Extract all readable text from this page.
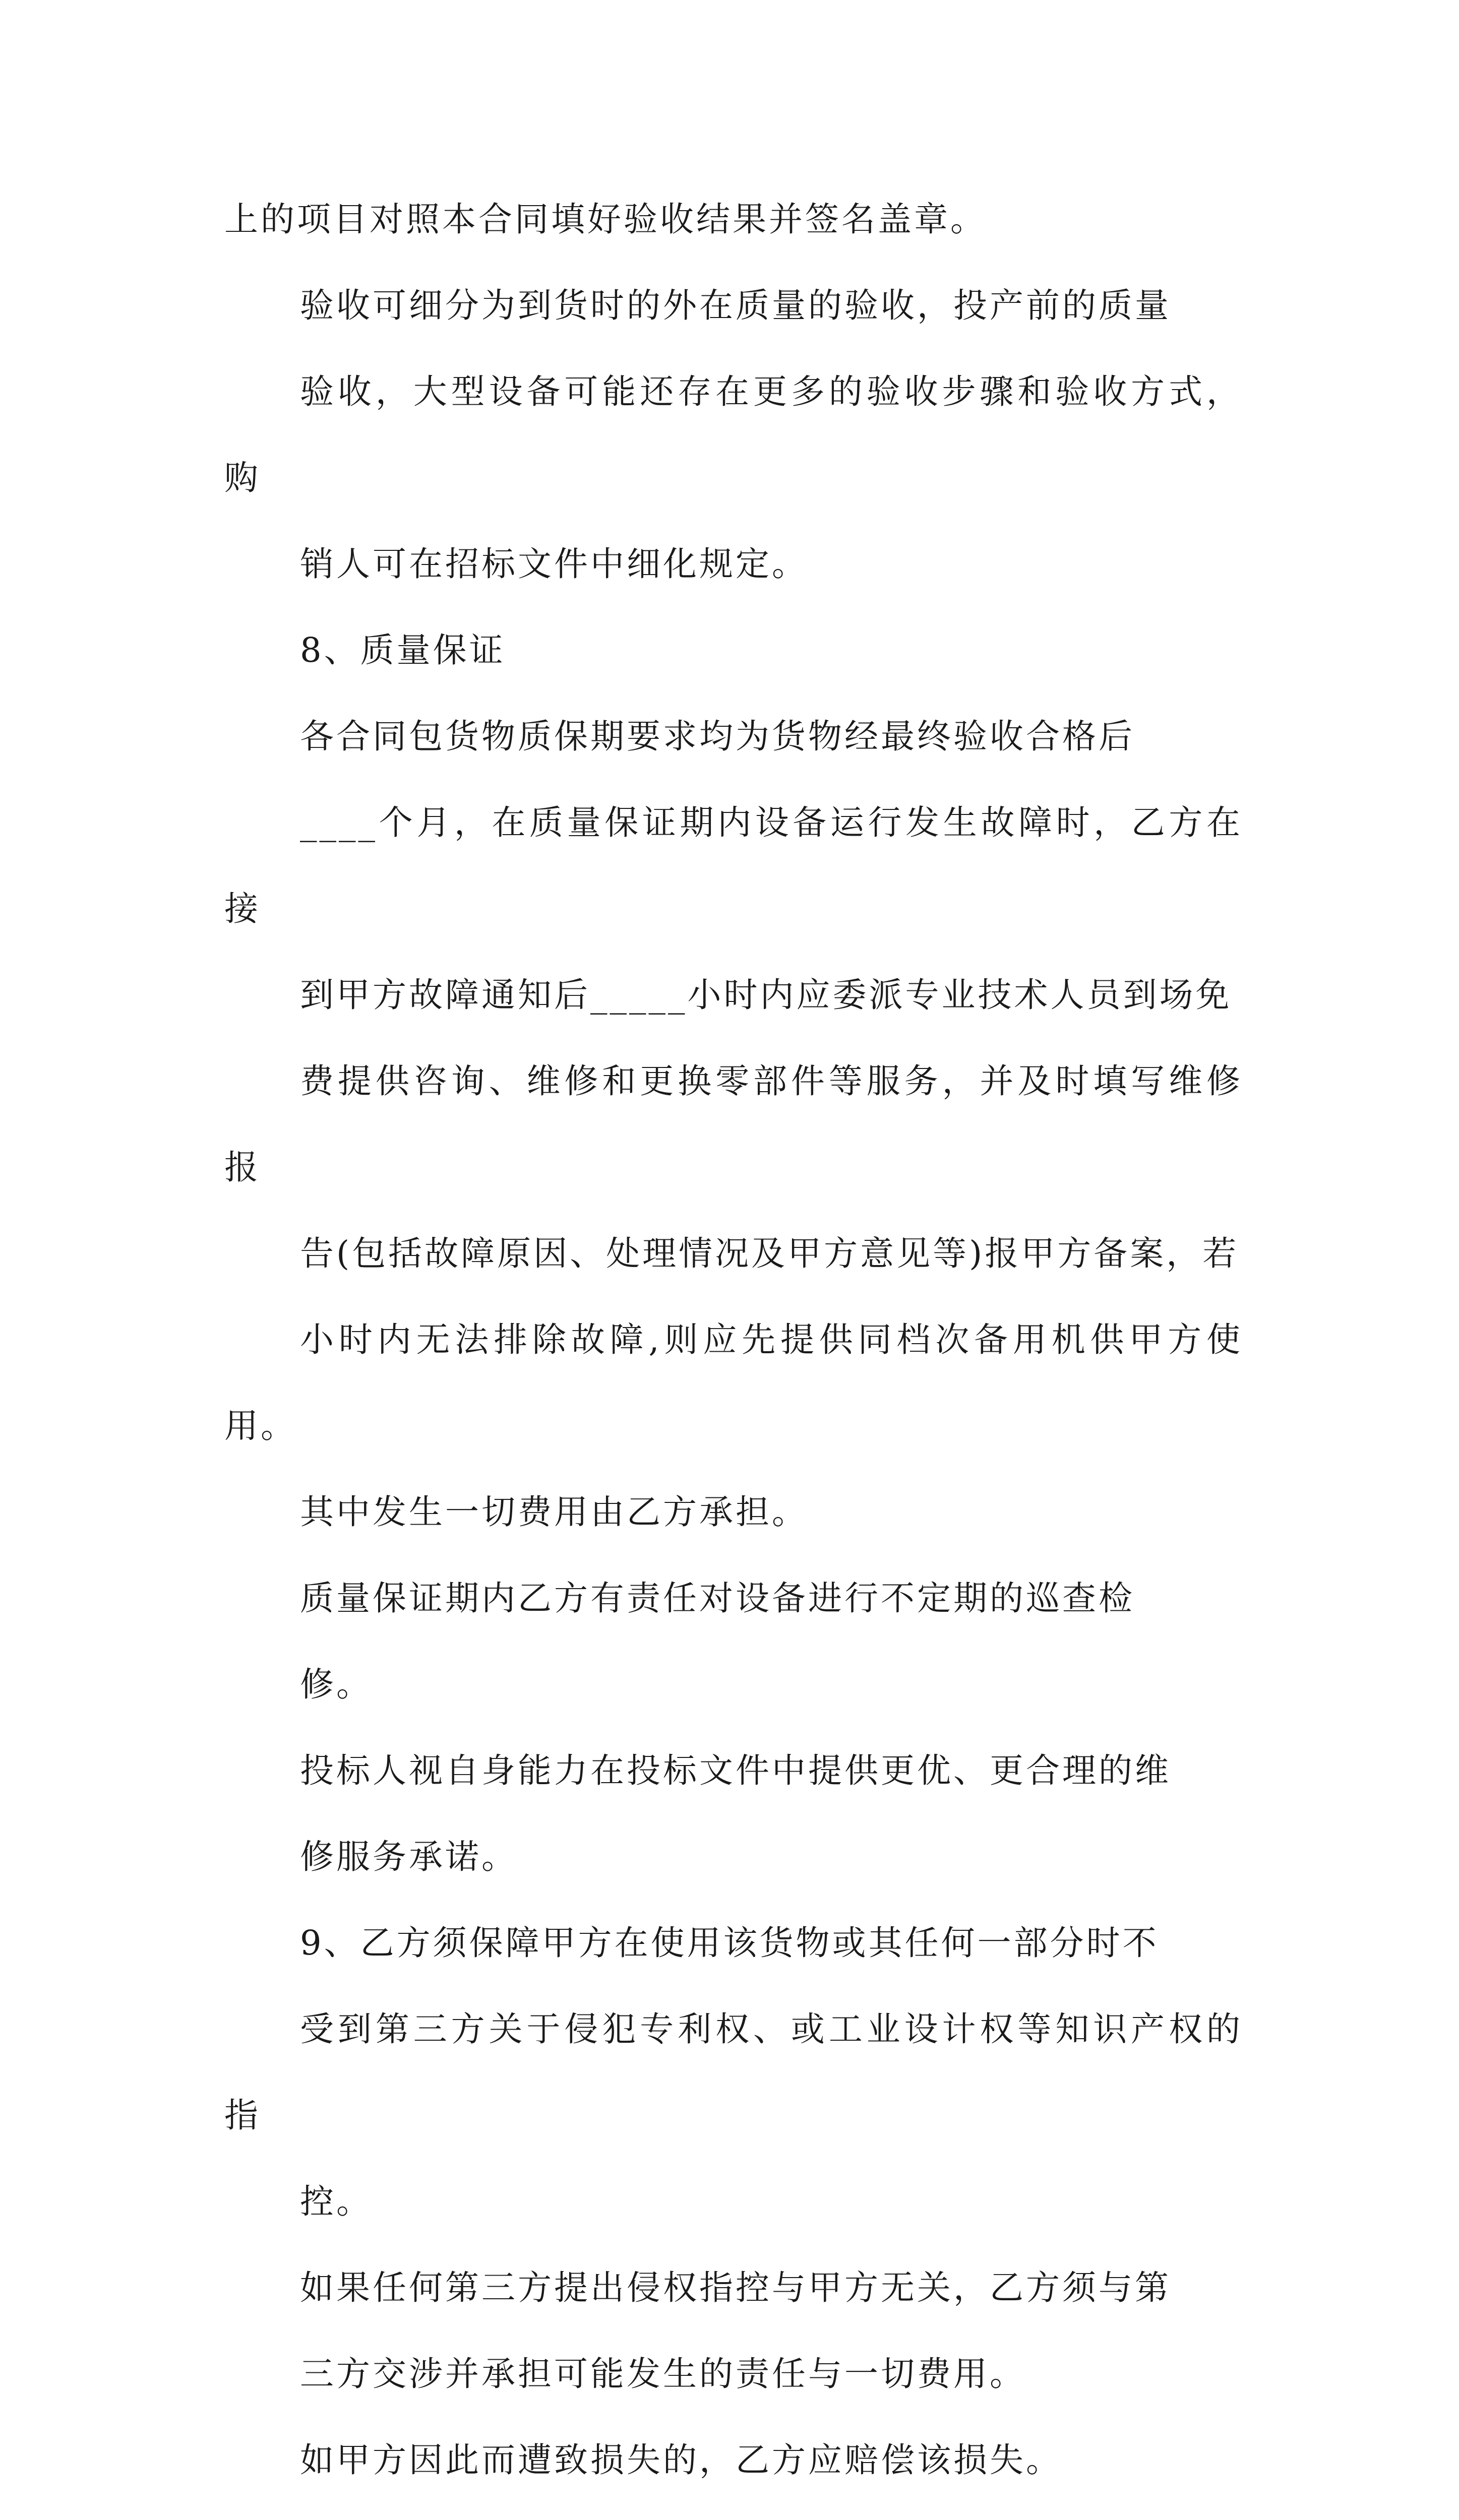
上的项目对照本合同填好验收结果并签名盖章。

验收可细分为到货时的外在质量的验收，投产前的质量
验收，大型设备可能还存在更多的验收步骤和验收方式，购
销人可在招标文件中细化规定。

8、质量保证

各合同包货物质保期要求均为货物经最终验收合格后
____个月，在质量保证期内设备运行发生故障时，乙方在接
到甲方故障通知后_____小时内应委派专业技术人员到场免
费提供咨询、维修和更换零部件等服务，并及时填写维修报
告(包括故障原因、处理情况及甲方意见等)报甲方备案，若
小时内无法排除故障,则应先提供同档次备用机供甲方使用。

其中发生一切费用由乙方承担。

质量保证期内乙方有责任对设备进行不定期的巡查检
修。

投标人视自身能力在投标文件中提供更优、更合理的维
修服务承诺。

9、乙方须保障甲方在使用该货物或其任何一部分时不
受到第三方关于侵犯专利权、或工业设计权等知识产权的指
控。

如果任何第三方提出侵权指控与甲方无关，乙方须与第
三方交涉并承担可能发生的责任与一切费用。

如甲方因此而遭致损失的，乙方应赔偿该损失。
